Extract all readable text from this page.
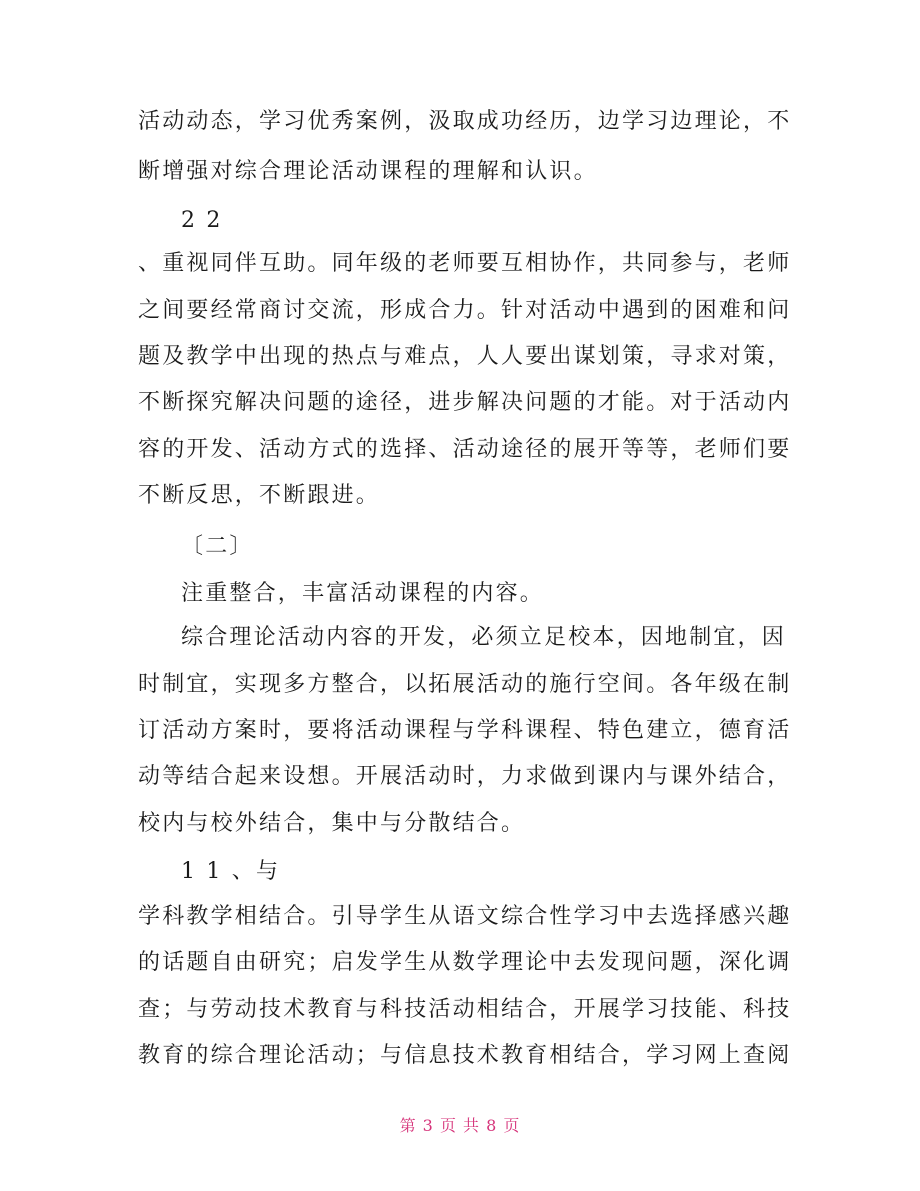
活动动态，学习优秀案例，汲取成功经历，边学习边理论，不
断增强对综合理论活动课程的理解和认识。
2 2
、重视同伴互助。同年级的老师要互相协作，共同参与，老师
之间要经常商讨交流，形成合力。针对活动中遇到的困难和问
题及教学中出现的热点与难点，人人要出谋划策，寻求对策，
不断探究解决问题的途径，进步解决问题的才能。对于活动内
容的开发、活动方式的选择、活动途径的展开等等，老师们要
不断反思，不断跟进。
〔二〕
注重整合，丰富活动课程的内容。
综合理论活动内容的开发，必须立足校本，因地制宜，因
时制宜，实现多方整合，以拓展活动的施行空间。各年级在制
订活动方案时，要将活动课程与学科课程、特色建立，德育活
动等结合起来设想。开展活动时，力求做到课内与课外结合，
校内与校外结合，集中与分散结合。
1 1 、与
学科教学相结合。引导学生从语文综合性学习中去选择感兴趣
的话题自由研究；启发学生从数学理论中去发现问题，深化调
查；与劳动技术教育与科技活动相结合，开展学习技能、科技
教育的综合理论活动；与信息技术教育相结合，学习网上查阅
第 3 页 共 8 页
